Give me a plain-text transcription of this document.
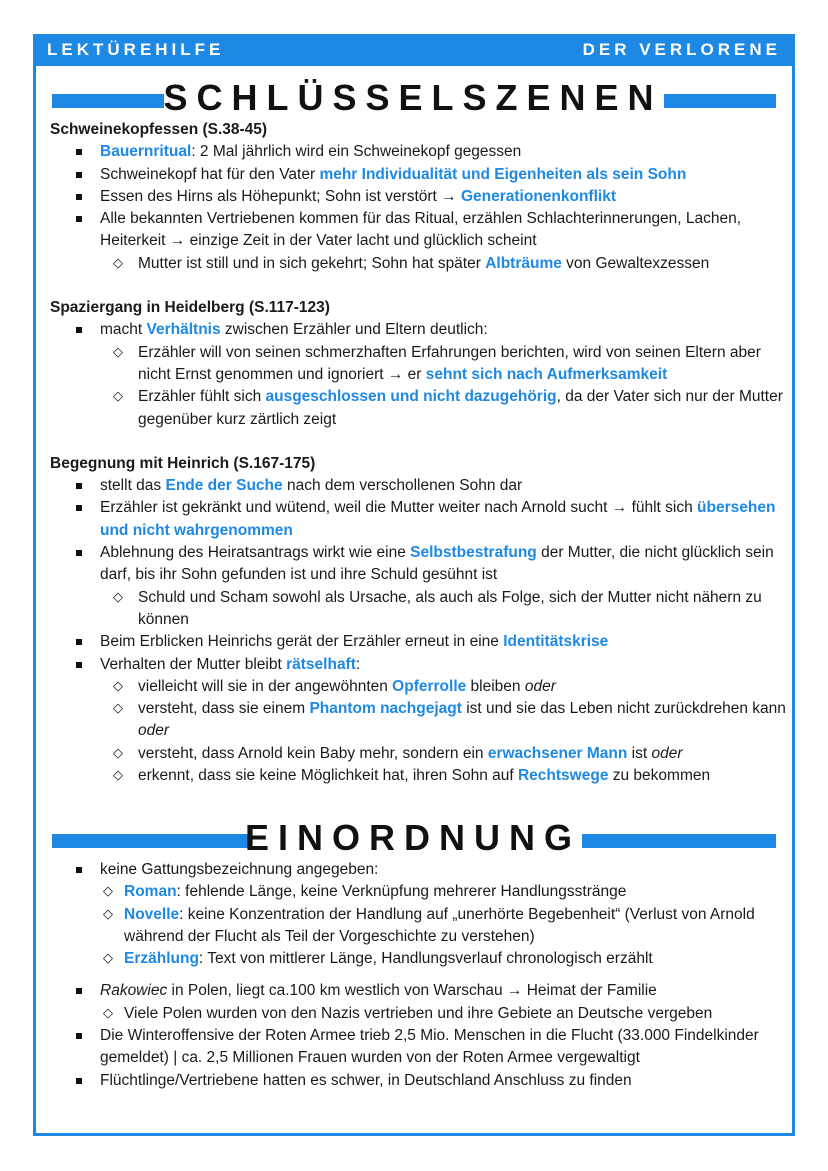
LEKTÜREHILFE	DER VERLORENE
SCHLÜSSELSZENEN

Schweinekopfessen (S.38-45)

Bauernritual: 2 Mal jährlich wird ein Schweinekopf gegessen
Schweinekopf hat für den Vater mehr Individualität und Eigenheiten als sein Sohn
Essen des Hirns als Höhepunkt; Sohn ist verstört → Generationenkonflikt
Alle bekannten Vertriebenen kommen für das Ritual, erzählen Schlachterinnerungen, Lachen, Heiterkeit → einzige Zeit in der Vater lacht und glücklich scheint
◇ Mutter ist still und in sich gekehrt; Sohn hat später Albträume von Gewaltexzessen

Spaziergang in Heidelberg (S.117-123)

macht Verhältnis zwischen Erzähler und Eltern deutlich:
◇ Erzähler will von seinen schmerzhaften Erfahrungen berichten, wird von seinen Eltern aber nicht Ernst genommen und ignoriert → er sehnt sich nach Aufmerksamkeit
◇ Erzähler fühlt sich ausgeschlossen und nicht dazugehörig, da der Vater sich nur der Mutter gegenüber kurz zärtlich zeigt

Begegnung mit Heinrich (S.167-175)

stellt das Ende der Suche nach dem verschollenen Sohn dar
Erzähler ist gekränkt und wütend, weil die Mutter weiter nach Arnold sucht → fühlt sich übersehen und nicht wahrgenommen
Ablehnung des Heiratsantrags wirkt wie eine Selbstbestrafung der Mutter, die nicht glücklich sein darf, bis ihr Sohn gefunden ist und ihre Schuld gesühnt ist
◇ Schuld und Scham sowohl als Ursache, als auch als Folge, sich der Mutter nicht nähern zu können
Beim Erblicken Heinrichs gerät der Erzähler erneut in eine Identitätskrise
Verhalten der Mutter bleibt rätselhaft:
◇ vielleicht will sie in der angewöhnten Opferrolle bleiben oder
◇ versteht, dass sie einem Phantom nachgejagt ist und sie das Leben nicht zurückdrehen kann oder
◇ versteht, dass Arnold kein Baby mehr, sondern ein erwachsener Mann ist oder
◇ erkennt, dass sie keine Möglichkeit hat, ihren Sohn auf Rechtswege zu bekommen
EINORDNUNG
keine Gattungsbezeichnung angegeben:
◇ Roman: fehlende Länge, keine Verknüpfung mehrerer Handlungsstränge
◇ Novelle: keine Konzentration der Handlung auf „unerhörte Begebenheit“ (Verlust von Arnold während der Flucht als Teil der Vorgeschichte zu verstehen)
◇ Erzählung: Text von mittlerer Länge, Handlungsverlauf chronologisch erzählt
Rakowiec in Polen, liegt ca.100 km westlich von Warschau → Heimat der Familie
◇ Viele Polen wurden von den Nazis vertrieben und ihre Gebiete an Deutsche vergeben
Die Winteroffensive der Roten Armee trieb 2,5 Mio. Menschen in die Flucht (33.000 Findelkinder gemeldet) | ca. 2,5 Millionen Frauen wurden von der Roten Armee vergewaltigt
Flüchtlinge/Vertriebene hatten es schwer, in Deutschland Anschluss zu finden
